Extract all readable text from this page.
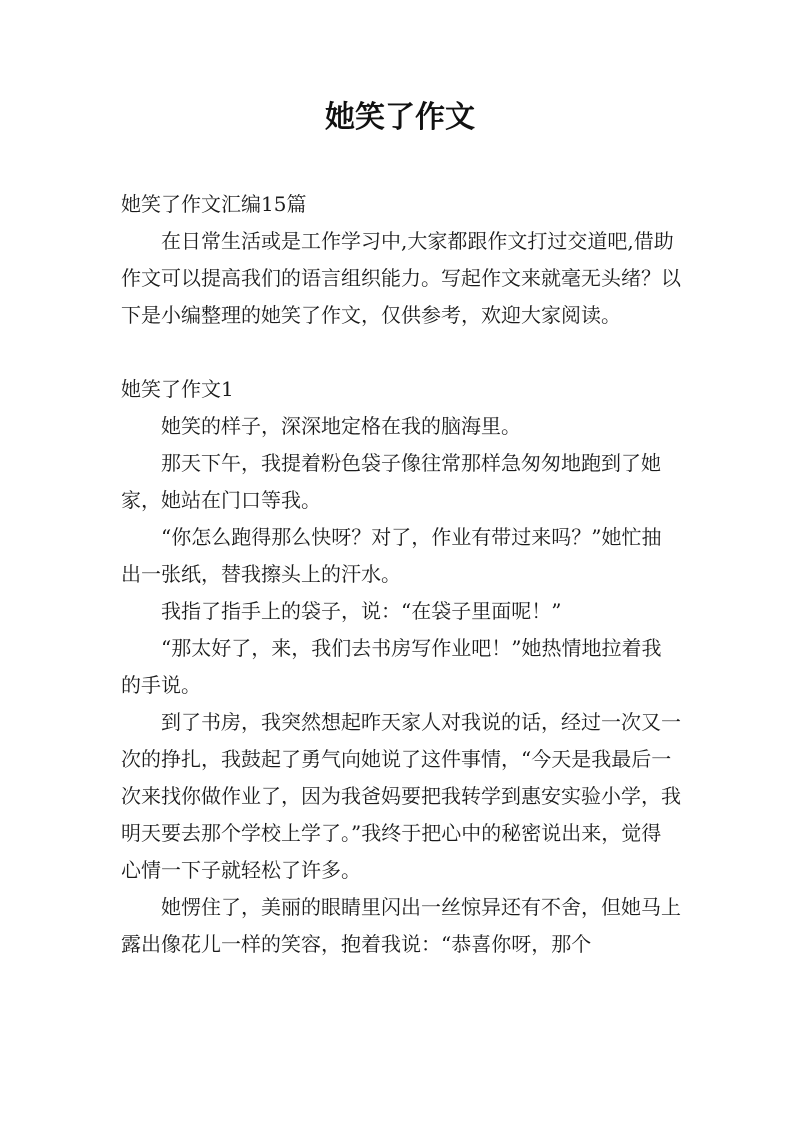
她笑了作文

她笑了作文汇编15篇

在日常生活或是工作学习中,大家都跟作文打过交道吧,借助作文可以提高我们的语言组织能力。写起作文来就毫无头绪？以下是小编整理的她笑了作文，仅供参考，欢迎大家阅读。

她笑了作文1

她笑的样子，深深地定格在我的脑海里。

那天下午，我提着粉色袋子像往常那样急匆匆地跑到了她家，她站在门口等我。

“你怎么跑得那么快呀？对了，作业有带过来吗？”她忙抽出一张纸，替我擦头上的汗水。

我指了指手上的袋子，说：“在袋子里面呢！”

“那太好了，来，我们去书房写作业吧！”她热情地拉着我的手说。

到了书房，我突然想起昨天家人对我说的话，经过一次又一次的挣扎，我鼓起了勇气向她说了这件事情，“今天是我最后一次来找你做作业了，因为我爸妈要把我转学到惠安实验小学，我明天要去那个学校上学了。”我终于把心中的秘密说出来，觉得心情一下子就轻松了许多。

她愣住了，美丽的眼睛里闪出一丝惊异还有不舍，但她马上露出像花儿一样的笑容，抱着我说：“恭喜你呀，那个
